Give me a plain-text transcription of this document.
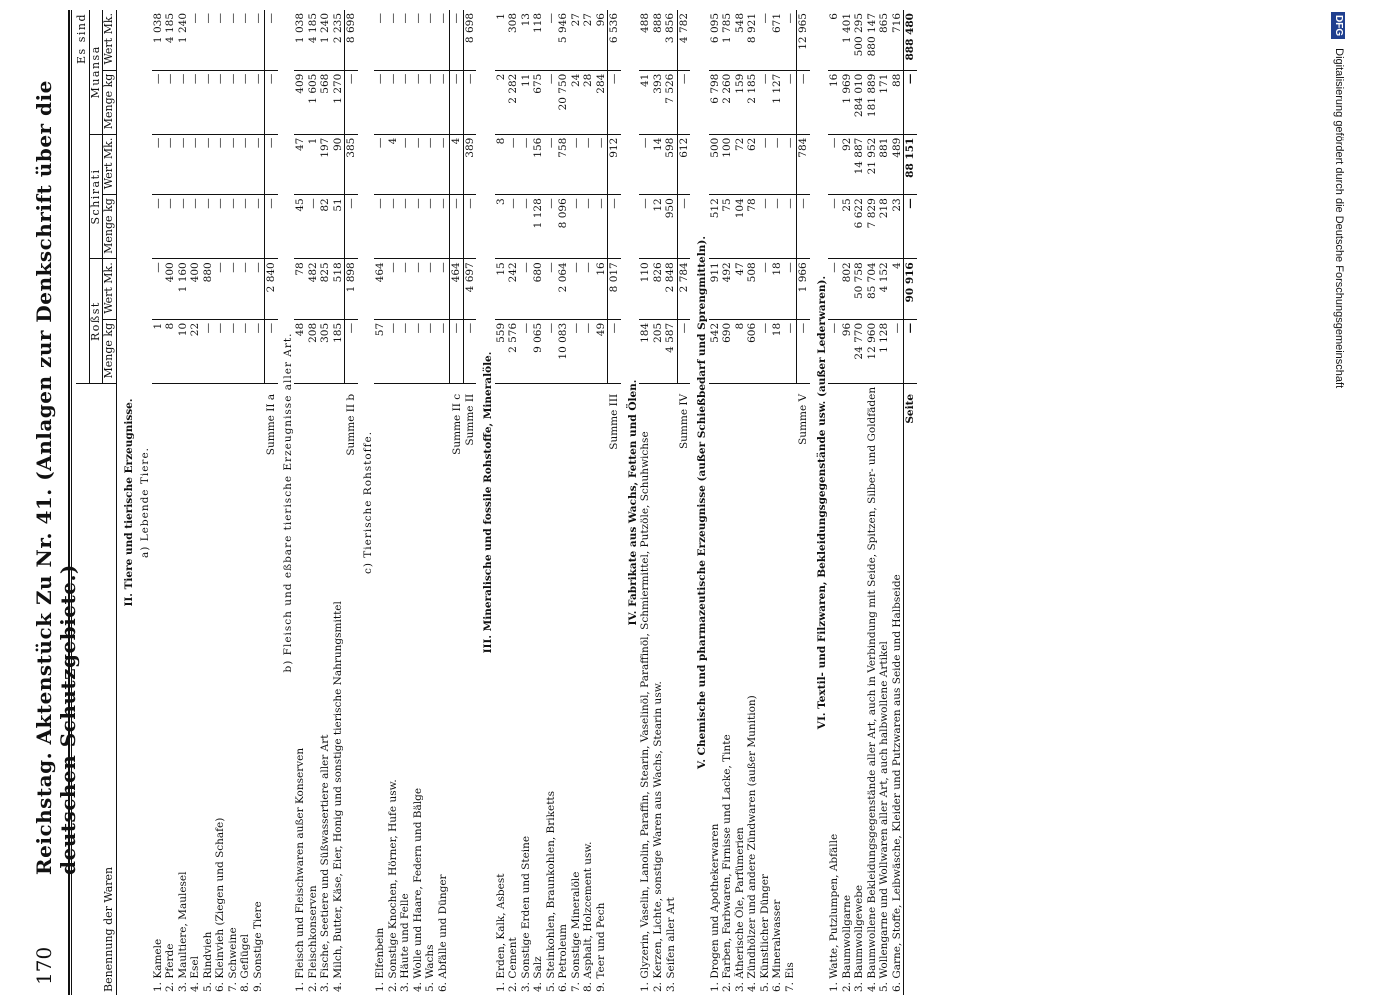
DFG Digitalisierung gefördert durch die Deutsche Forschungsgemeinschaft
170
Reichstag. Aktenstück Zu Nr. 41. (Anlagen zur Denkschrift über die deutschen Schutzgebiete.)
Benennung der Waren	Es sind					
	Roßst		Schirati		Muansa	
	Menge kg	Wert Mk.	Menge kg	Wert Mk.	Menge kg	Wert Mk.
II. Tiere und tierische Erzeugnisse.						
a) Lebende Tiere.						
1. Kamele	1	—	—	—	—	1 038
2. Pferde	8	400	—	—	—	4 185
3. Maultiere, Maulesel	10	1 160	—	—	—	1 240
4. Esel	22	400	—	—	—	—
5. Rindvieh	—	880	—	—	—	—
6. Kleinvieh (Ziegen und Schafe)	—	—	—	—	—	—
7. Schweine	—	—	—	—	—	—
8. Geflügel	—	—	—	—	—	—
9. Sonstige Tiere	—	—	—	—	—	—
Summe II a	—	2 840	—	—	—	—
b) Fleisch und eßbare tierische Erzeugnisse aller Art.						
1. Fleisch und Fleischwaren außer Konserven	48	78	45	47	409	1 038
2. Fleischkonserven	208	482	—	1	1 605	4 185
3. Fische, Seetiere und Süßwassertiere aller Art	305	825	82	197	568	1 240
4. Milch, Butter, Käse, Eier, Honig und sonstige tierische Nahrungsmittel	185	518	51	90	1 270	2 235
Summe II b	—	1 898	—	385	—	8 698
c) Tierische Rohstoffe.						
1. Elfenbein	57	464	—	—	—	—
2. Sonstige Knochen, Hörner, Hufe usw.	—	—	—	4	—	—
3. Häute und Felle	—	—	—	—	—	—
4. Wolle und Haare, Federn und Bälge	—	—	—	—	—	—
5. Wachs	—	—	—	—	—	—
6. Abfälle und Dünger	—	—	—	—	—	—
Summe II c	—	464	—	4	—	—
Summe II	—	4 697	—	389	—	8 698
III. Mineralische und fossile Rohstoffe, Mineralöle.						
1. Erden, Kalk, Asbest	559	15	3	8	2	1
2. Cement	2 576	242	—	—	2 282	308
3. Sonstige Erden und Steine	—	—	—	—	11	13
4. Salz	9 065	680	1 128	156	675	118
5. Steinkohlen, Braunkohlen, Briketts	—	—	—	—	—	—
6. Petroleum	10 083	2 064	8 096	758	20 750	5 946
7. Sonstige Mineralöle	—	—	—	—	24	27
8. Asphalt, Holzcement usw.	—	—	—	—	28	27
9. Teer und Pech	49	16	—	—	284	96
Summe III	—	8 017	—	912	—	6 536
IV. Fabrikate aus Wachs, Fetten und Ölen.						
1. Glyzerin, Vaselin, Lanolin, Paraffin, Stearin, Vaselinöl, Paraffinöl, Schmiermittel, Putzöle, Schuhwichse	184	110	—	—	41	488
2. Kerzen, Lichte, sonstige Waren aus Wachs, Stearin usw.	205	826	12	14	393	888
3. Seifen aller Art	4 587	2 848	950	598	7 526	3 856
Summe IV	—	2 784	—	612	—	4 782
V. Chemische und pharmazeutische Erzeugnisse (außer Schießbedarf und Sprengmitteln).						
1. Drogen und Apothekerwaren	542	911	512	500	6 798	6 095
2. Farben, Farbwaren, Firnisse und Lacke, Tinte	690	492	75	100	2 260	1 785
3. Ätherische Öle, Parfümerien	8	47	104	72	159	548
4. Zündhölzer und andere Zündwaren (außer Munition)	606	508	78	62	2 185	8 921
5. Künstlicher Dünger	—	—	—	—	—	—
6. Mineralwasser	18	18	—	—	1 127	671
7. Eis	—	—	—	—	—	—
Summe V	—	1 966	—	784	—	12 965
VI. Textil- und Filzwaren, Bekleidungsgegenstände usw. (außer Lederwaren).						
1. Watte, Putzlumpen, Abfälle	—	—	—	—	16	6
2. Baumwollgarne	96	802	25	92	1 969	1 401
3. Baumwollgewebe	24 770	50 758	6 622	14 887	284 010	500 295
4. Baumwollene Bekleidungsgegenstände aller Art, auch in Verbindung mit Seide, Spitzen, Silber- und Goldfäden	12 960	85 704	7 829	21 952	181 889	880 147
5. Wollengarne und Wollwaren aller Art, auch halbwollene Artikel	1 128	4 152	218	881	171	865
6. Garne, Stoffe, Leibwäsche, Kleider und Putzwaren aus Seide und Halbseide	—	4	23	489	88	716
Seite	—	90 916	—	88 151	—	888 480
